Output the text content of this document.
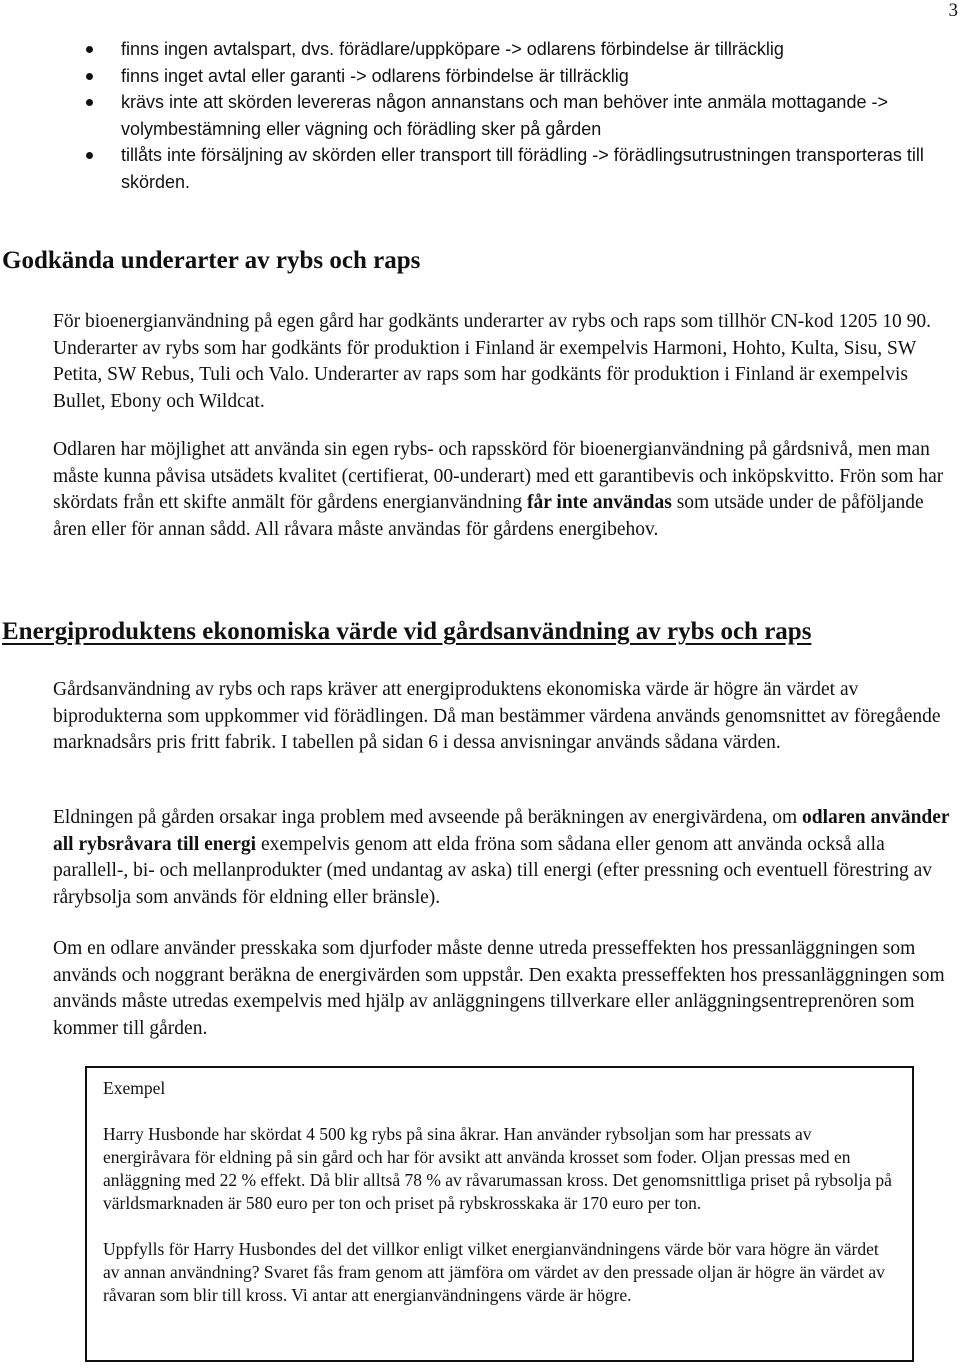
3
finns ingen avtalspart, dvs. förädlare/uppköpare -> odlarens förbindelse är tillräcklig
finns inget avtal eller garanti -> odlarens förbindelse är tillräcklig
krävs inte att skörden levereras någon annanstans och man behöver inte anmäla mottagande -> volymbestämning eller vägning och förädling sker på gården
tillåts inte försäljning av skörden eller transport till förädling -> förädlingsutrustningen transporteras till skörden.
Godkända underarter av rybs och raps

För bioenergianvändning på egen gård har godkänts underarter av rybs och raps som tillhör CN-kod 1205 10 90. Underarter av rybs som har godkänts för produktion i Finland är exempelvis Harmoni, Hohto, Kulta, Sisu, SW Petita, SW Rebus, Tuli och Valo. Underarter av raps som har godkänts för produktion i Finland är exempelvis Bullet, Ebony och Wildcat.

Odlaren har möjlighet att använda sin egen rybs- och rapsskörd för bioenergianvändning på gårdsnivå, men man måste kunna påvisa utsädets kvalitet (certifierat, 00-underart) med ett garantibevis och inköpskvitto. Frön som har skördats från ett skifte anmält för gårdens energianvändning får inte användas som utsäde under de påföljande åren eller för annan sådd. All råvara måste användas för gårdens energibehov.

Energiproduktens ekonomiska värde vid gårdsanvändning av rybs och raps

Gårdsanvändning av rybs och raps kräver att energiproduktens ekonomiska värde är högre än värdet av biprodukterna som uppkommer vid förädlingen. Då man bestämmer värdena används genomsnittet av föregående marknadsårs pris fritt fabrik. I tabellen på sidan 6 i dessa anvisningar används sådana värden.

Eldningen på gården orsakar inga problem med avseende på beräkningen av energivärdena, om odlaren använder all rybsråvara till energi exempelvis genom att elda fröna som sådana eller genom att använda också alla parallell-, bi- och mellanprodukter (med undantag av aska) till energi (efter pressning och eventuell förestring av rårybsolja som används för eldning eller bränsle).

Om en odlare använder presskaka som djurfoder måste denne utreda presseffekten hos pressanläggningen som används och noggrant beräkna de energivärden som uppstår. Den exakta presseffekten hos pressanläggningen som används måste utredas exempelvis med hjälp av anläggningens tillverkare eller anläggningsentreprenören som kommer till gården.

Exempel

Harry Husbonde har skördat 4 500 kg rybs på sina åkrar. Han använder rybsoljan som har pressats av energiråvara för eldning på sin gård och har för avsikt att använda krosset som foder. Oljan pressas med en anläggning med 22 % effekt. Då blir alltså 78 % av råvarumassan kross. Det genomsnittliga priset på rybsolja på världsmarknaden är 580 euro per ton och priset på rybskrosskaka är 170 euro per ton.

Uppfylls för Harry Husbondes del det villkor enligt vilket energianvändningens värde bör vara högre än värdet av annan användning? Svaret fås fram genom att jämföra om värdet av den pressade oljan är högre än värdet av råvaran som blir till kross. Vi antar att energianvändningens värde är högre.
